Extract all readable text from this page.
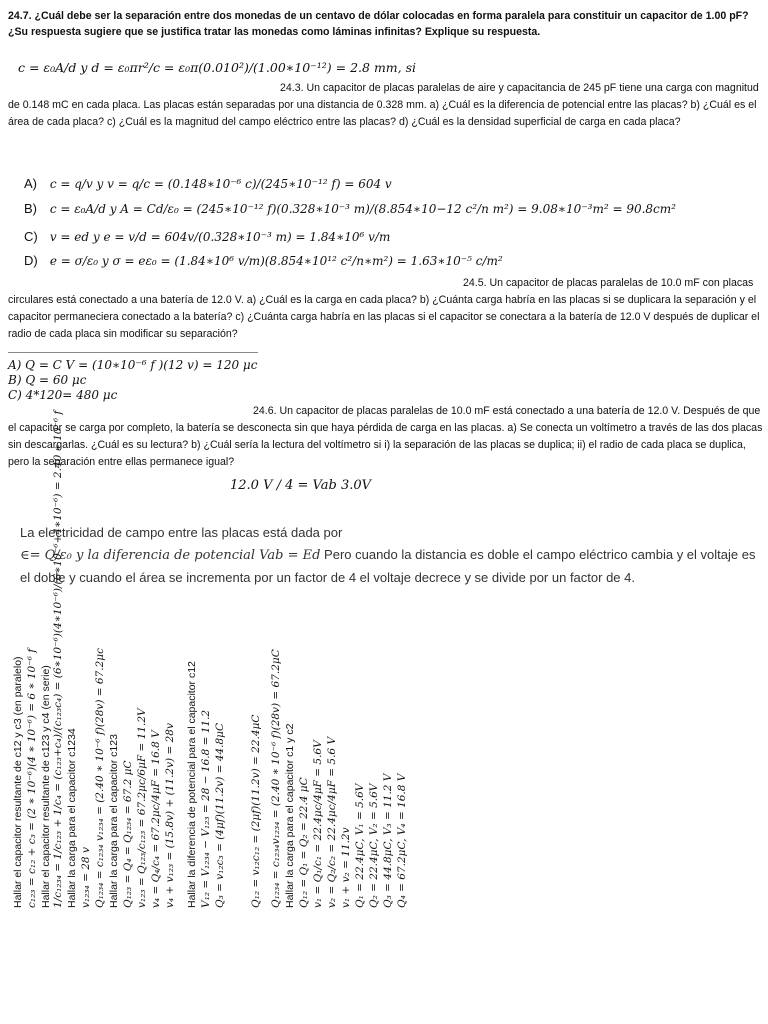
24.7. ¿Cuál debe ser la separación entre dos monedas de un centavo de dólar colocadas en forma paralela para constituir un capacitor de 1.00 pF? ¿Su respuesta sugiere que se justifica tratar las monedas como láminas infinitas? Explique su respuesta.
c = ε₀A/d y d = ε₀πr²/c = ε₀π(0.010²)/(1.00∗10⁻¹²) = 2.8 mm, si
24.3. Un capacitor de placas paralelas de aire y capacitancia de 245 pF tiene una carga con magnitud de 0.148 mC en cada placa. Las placas están separadas por una distancia de 0.328 mm. a) ¿Cuál es la diferencia de potencial entre las placas? b) ¿Cuál es el área de cada placa? c) ¿Cuál es la magnitud del campo eléctrico entre las placas? d) ¿Cuál es la densidad superficial de carga en cada placa?
A) c = q/v y v = q/c = (0.148∗10⁻⁶ c)/(245∗10⁻¹² f) = 604 v
B) c = ε₀A/d y A = Cd/ε₀ = (245∗10⁻¹² f)(0.328∗10⁻³ m)/(8.854∗10−12 c²/n m²) = 9.08∗10⁻³m² = 90.8cm²
C) v = ed y e = v/d = 604v/(0.328∗10⁻³ m) = 1.84∗10⁶ v/m
D) e = σ/ε₀ y σ = eε₀ = (1.84∗10⁶ v/m)(8.854∗10¹² c²/n∗m²) = 1.63∗10⁻⁵ c/m²
24.5. Un capacitor de placas paralelas de 10.0 mF con placas circulares está conectado a una batería de 12.0 V. a) ¿Cuál es la carga en cada placa? b) ¿Cuánta carga habría en las placas si se duplicara la separación y el capacitor permaneciera conectado a la batería? c) ¿Cuánta carga habría en las placas si el capacitor se conectara a la batería de 12.0 V después de duplicar el radio de cada placa sin modificar su separación?
A) Q = C V = (10∗10⁻⁶ f )(12 v) = 120 μc
B) Q = 60 μc
C) 4*120= 480 μc
24.6. Un capacitor de placas paralelas de 10.0 mF está conectado a una batería de 12.0 V. Después de que el capacitor se carga por completo, la batería se desconecta sin que haya pérdida de carga en las placas. a) Se conecta un voltímetro a través de las dos placas sin descargarlas. ¿Cuál es su lectura? b) ¿Cuál sería la lectura del voltímetro si i) la separación de las placas se duplica; ii) el radio de cada placa se duplica, pero la separación entre ellas permanece igual?
12.0 V / 4 = Vab 3.0V
La electricidad de campo entre las placas está dada por
∈= Q/ε₀ y la diferencia de potencial Vab = Ed Pero cuando la distancia es doble el campo eléctrico cambia y el voltaje es el doble y cuando el área se incrementa por un factor de 4 el voltaje decrece y se divide por un factor de 4.
Hallar el capacitor resultante de c12 y c3 (en paralelo) c₁₂₃ = c₁₂ + c₃ = (2 ∗ 10⁻⁶)(4 ∗ 10⁻⁶) = 6 ∗ 10⁻⁶ f Hallar el capacitor resultante de c123 y c4 (en serie) 1/c₁₂₃₄ = 1/c₁₂₃ + 1/c₄ = (c₁₂₃+c₄)/(c₁₂₃c₄) = (6∗10⁻⁶)(4∗10⁻⁶)/(6∗10⁻⁶+4∗10⁻⁶) = 2.40 ∗ 10⁻⁶ f Hallar la carga para el capacitor c1234 v₁₂₃₄ = 28 v Q₁₂₃₄ = c₁₂₃₄ v₁₂₃₄ = (2.40 ∗ 10⁻⁶ f)(28v) = 67.2μc Hallar la carga para el capacitor c123 Q₁₂₃ = Q₄ = Q₁₂₃₄ = 67.2 μC v₁₂₃ = Q₁₂₃/c₁₂₃ = 67.2μc/6μF = 11.2V v₄ = Q₄/c₄ = 67.2μc/4μF = 16.8 V v₄ + v₁₂₃ = (15.8v) + (11.2v) = 28v Hallar la diferencia de potencial para el capacitor c12 V₁₂ = V₁₂₃₄ − V₁₂₃ = 28 − 16.8 = 11.2 Q₃ = v₁₂c₃ = (4μf)(11.2v) = 44.8μC Q₁₂ = v₁₂c₁₂ = (2μf)(11.2v) = 22.4μC Q₁₂₃₄ = c₁₂₃₄v₁₂₃₄ = (2.40 ∗ 10⁻⁶ f)(28v) = 67.2μC Hallar la carga para el capacitor c1 y c2 Q₁₂ = Q₁ = Q₂ = 22.4 μC v₁ = Q₁/c₁ = 22.4μc/4μF = 5.6V v₂ = Q₂/c₂ = 22.4μc/4μF = 5.6 V v₁ + v₂ = 11.2v Q₁ = 22.4μC, V₁ = 5.6V Q₂ = 22.4μC, V₂ = 5.6V Q₃ = 44.8μC, V₃ = 11.2 V Q₄ = 67.2μC, V₄ = 16.8 V
